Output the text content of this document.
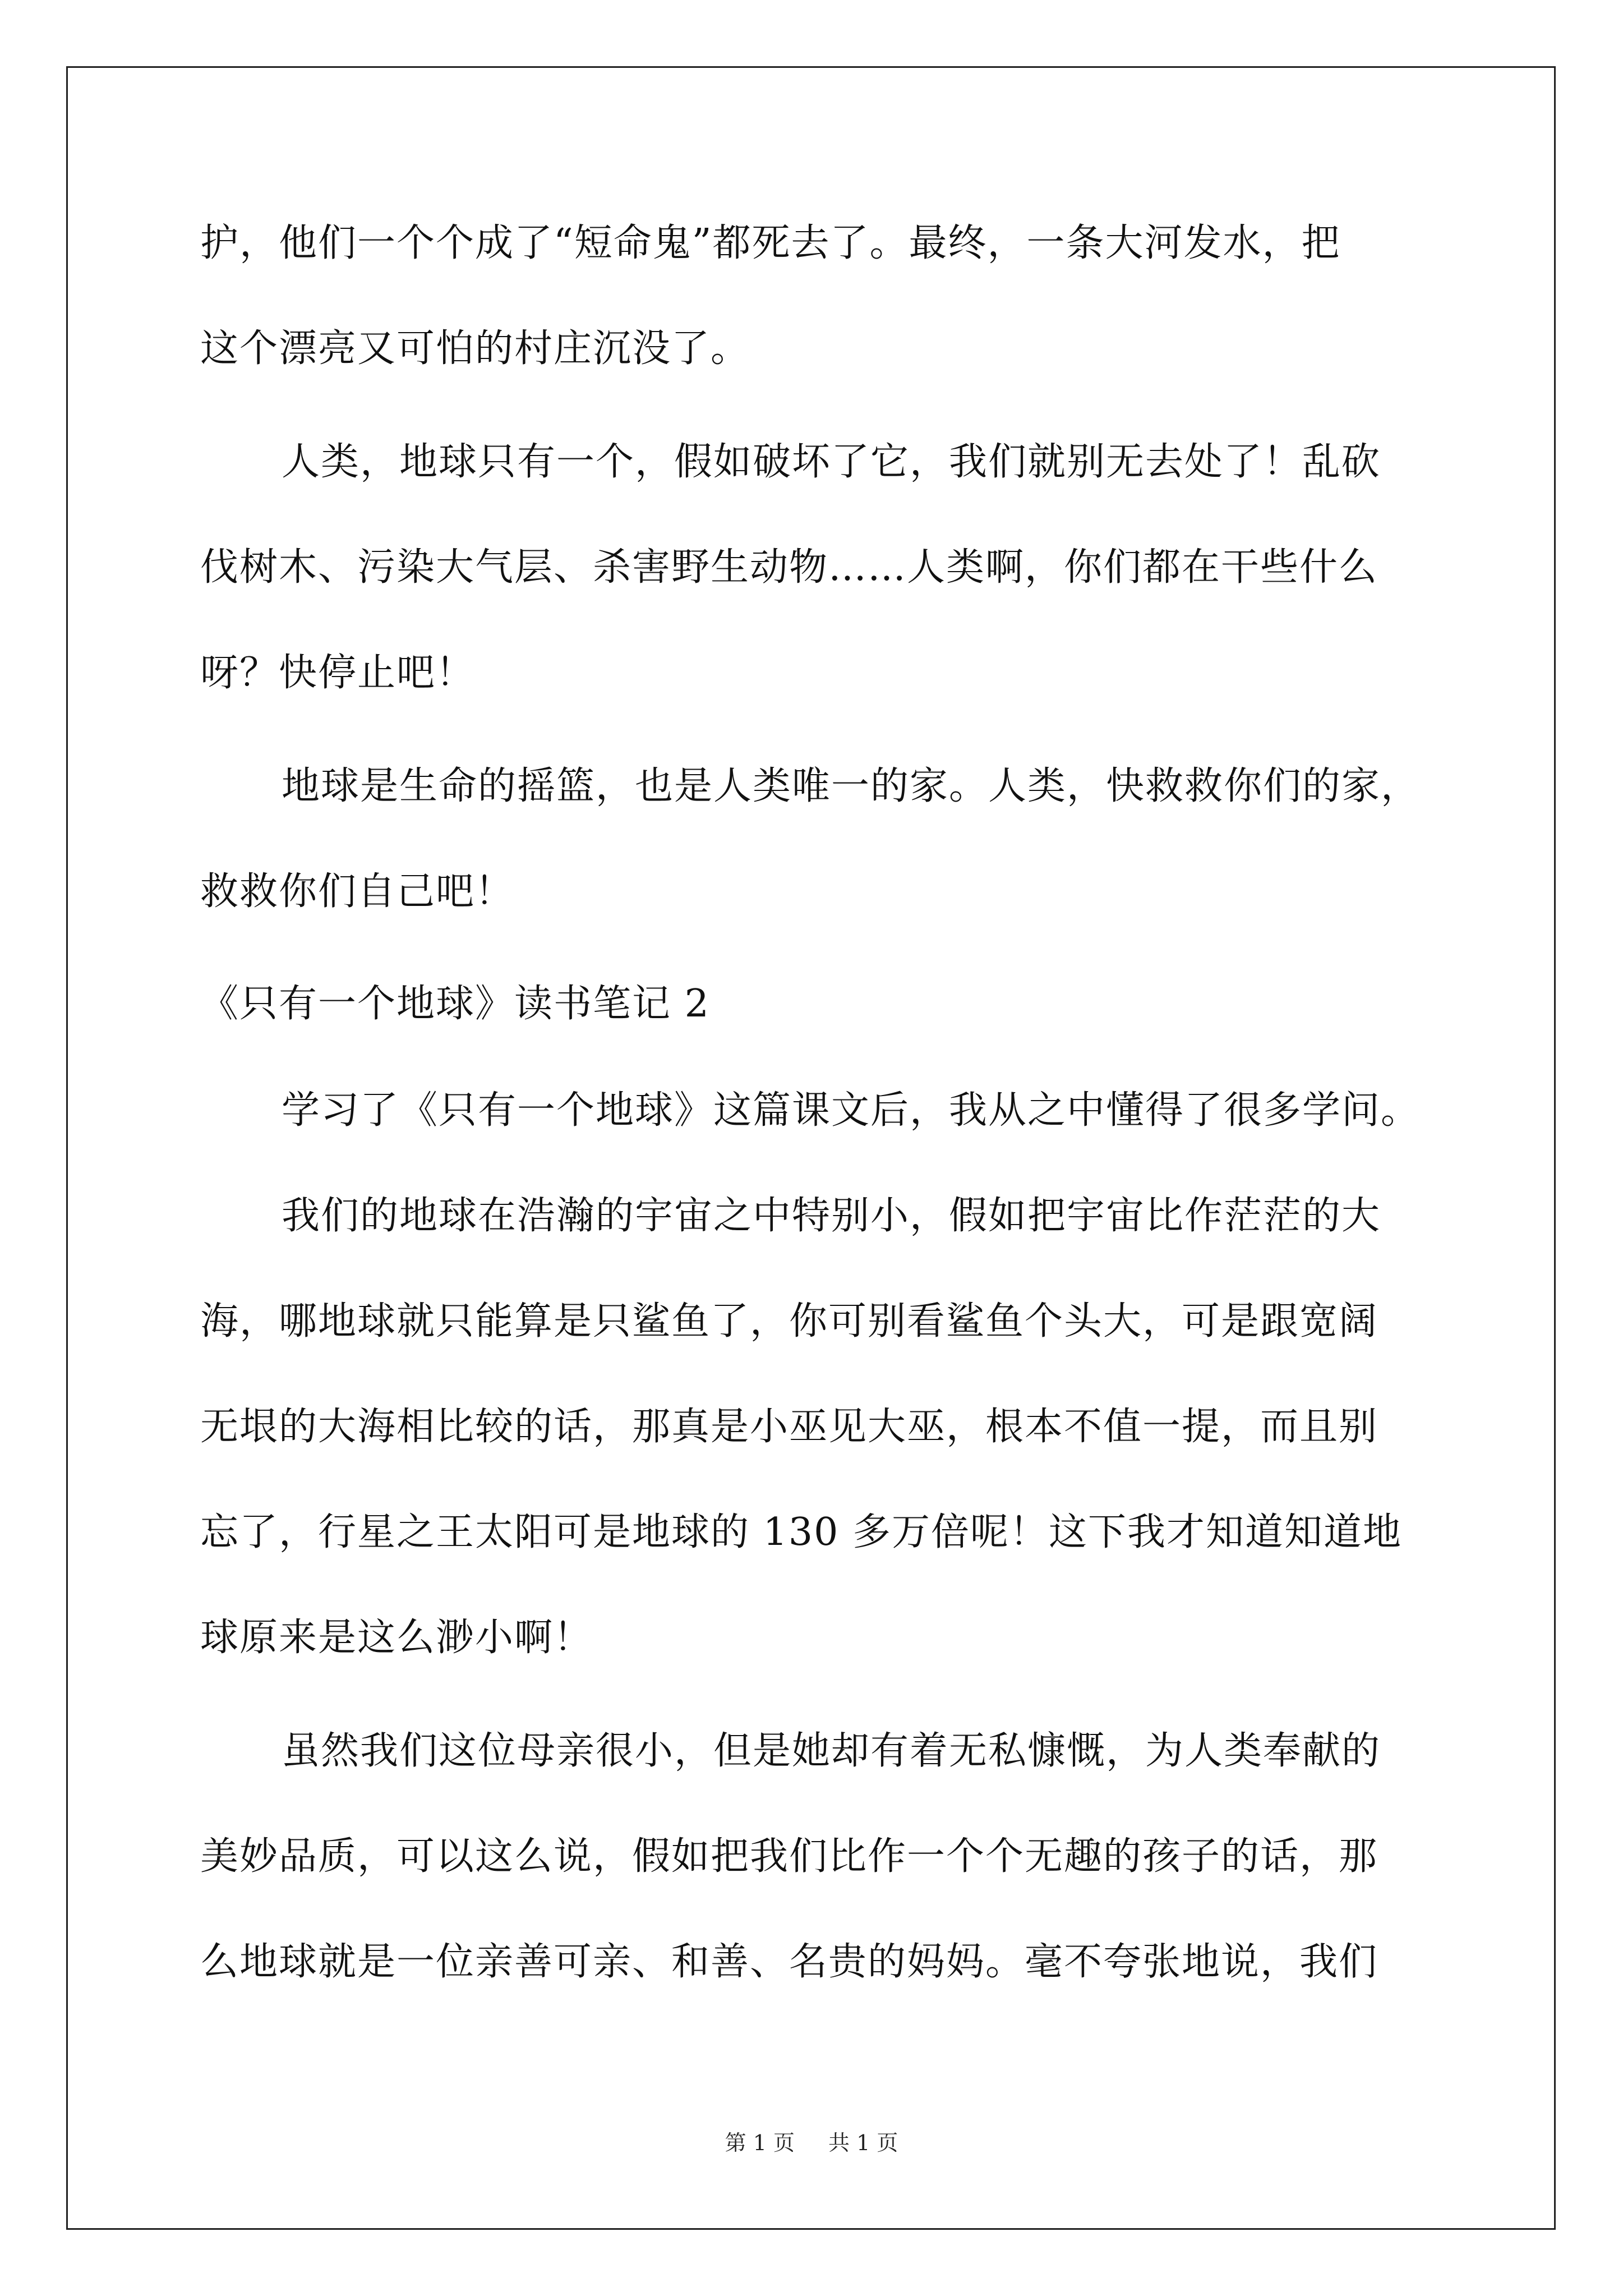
护，他们一个个成了“短命鬼”都死去了。最终，一条大河发水，把
这个漂亮又可怕的村庄沉没了。
人类，地球只有一个，假如破坏了它，我们就别无去处了！乱砍
伐树木、污染大气层、杀害野生动物……人类啊，你们都在干些什么
呀？快停止吧！
地球是生命的摇篮，也是人类唯一的家。人类，快救救你们的家，
救救你们自己吧！
《只有一个地球》读书笔记 2
学习了《只有一个地球》这篇课文后，我从之中懂得了很多学问。
我们的地球在浩瀚的宇宙之中特别小，假如把宇宙比作茫茫的大
海，哪地球就只能算是只鲨鱼了，你可别看鲨鱼个头大，可是跟宽阔
无垠的大海相比较的话，那真是小巫见大巫，根本不值一提，而且别
忘了，行星之王太阳可是地球的 130 多万倍呢！这下我才知道知道地
球原来是这么渺小啊！
虽然我们这位母亲很小，但是她却有着无私慷慨，为人类奉献的
美妙品质，可以这么说，假如把我们比作一个个无趣的孩子的话，那
么地球就是一位亲善可亲、和善、名贵的妈妈。毫不夸张地说，我们
第 1 页 共 1 页
